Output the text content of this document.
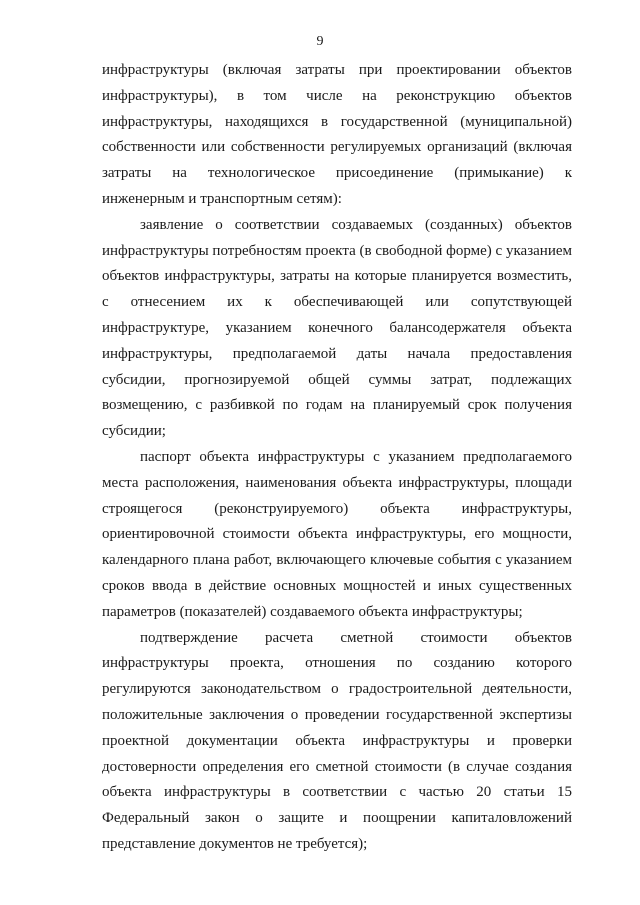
9

инфраструктуры (включая затраты при проектировании объектов инфраструктуры), в том числе на реконструкцию объектов инфраструктуры, находящихся в государственной (муниципальной) собственности или собственности регулируемых организаций (включая затраты на технологическое присоединение (примыкание) к инженерным и транспортным сетям):

заявление о соответствии создаваемых (созданных) объектов инфраструктуры потребностям проекта (в свободной форме) с указанием объектов инфраструктуры, затраты на которые планируется возместить, с отнесением их к обеспечивающей или сопутствующей инфраструктуре, указанием конечного балансодержателя объекта инфраструктуры, предполагаемой даты начала предоставления субсидии, прогнозируемой общей суммы затрат, подлежащих возмещению, с разбивкой по годам на планируемый срок получения субсидии;

паспорт объекта инфраструктуры с указанием предполагаемого места расположения, наименования объекта инфраструктуры, площади строящегося (реконструируемого) объекта инфраструктуры, ориентировочной стоимости объекта инфраструктуры, его мощности, календарного плана работ, включающего ключевые события с указанием сроков ввода в действие основных мощностей и иных существенных параметров (показателей) создаваемого объекта инфраструктуры;

подтверждение расчета сметной стоимости объектов инфраструктуры проекта, отношения по созданию которого регулируются законодательством о градостроительной деятельности, положительные заключения о проведении государственной экспертизы проектной документации объекта инфраструктуры и проверки достоверности определения его сметной стоимости (в случае создания объекта инфраструктуры в соответствии с частью 20 статьи 15 Федеральный закон о защите и поощрении капиталовложений представление документов не требуется);
